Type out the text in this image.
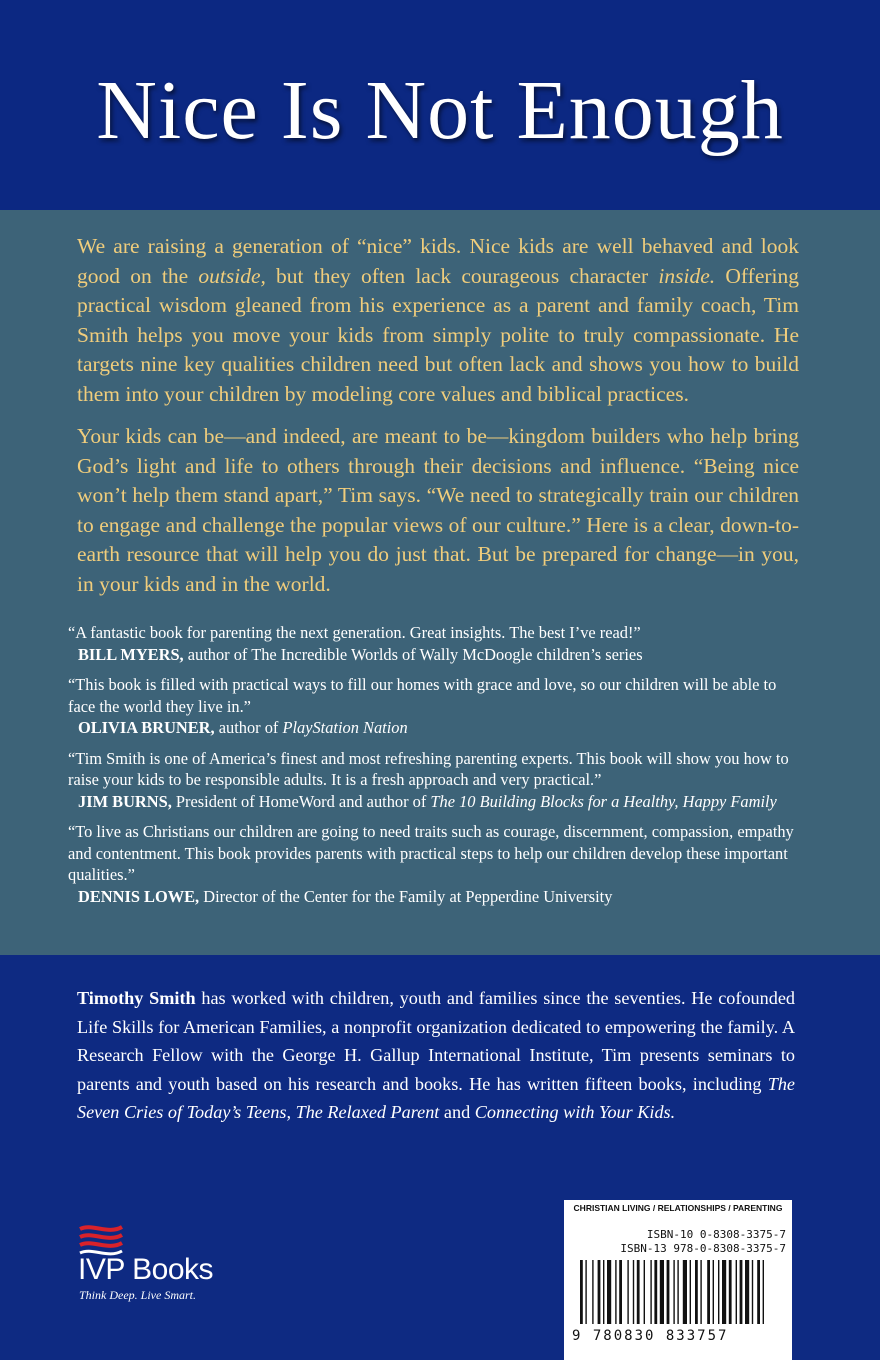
Nice Is Not Enough

We are raising a generation of “nice” kids. Nice kids are well behaved and look good on the outside, but they often lack courageous character inside. Offering practical wisdom gleaned from his experience as a parent and family coach, Tim Smith helps you move your kids from simply polite to truly compassionate. He targets nine key qualities children need but often lack and shows you how to build them into your children by modeling core values and biblical practices.

Your kids can be—and indeed, are meant to be—kingdom builders who help bring God’s light and life to others through their decisions and influence. “Being nice won’t help them stand apart,” Tim says. “We need to strategically train our children to engage and challenge the popular views of our culture.” Here is a clear, down-to-earth resource that will help you do just that. But be prepared for change—in you, in your kids and in the world.

“A fantastic book for parenting the next generation. Great insights. The best I’ve read!”
BILL MYERS, author of The Incredible Worlds of Wally McDoogle children’s series
“This book is filled with practical ways to fill our homes with grace and love, so our children will be able to face the world they live in.”
OLIVIA BRUNER, author of PlayStation Nation
“Tim Smith is one of America’s finest and most refreshing parenting experts. This book will show you how to raise your kids to be responsible adults. It is a fresh approach and very practical.”
JIM BURNS, President of HomeWord and author of The 10 Building Blocks for a Healthy, Happy Family
“To live as Christians our children are going to need traits such as courage, discernment, compassion, empathy and contentment. This book provides parents with practical steps to help our children develop these important qualities.”
DENNIS LOWE, Director of the Center for the Family at Pepperdine University
Timothy Smith has worked with children, youth and families since the seventies. He cofounded Life Skills for American Families, a nonprofit organization dedicated to empowering the family. A Research Fellow with the George H. Gallup International Institute, Tim presents seminars to parents and youth based on his research and books. He has written fifteen books, including The Seven Cries of Today’s Teens, The Relaxed Parent and Connecting with Your Kids.
IVP Books
Think Deep. Live Smart.
CHRISTIAN LIVING / RELATIONSHIPS / PARENTING
ISBN-10 0-8308-3375-7
ISBN-13 978-0-8308-3375-7
9 780830 833757
